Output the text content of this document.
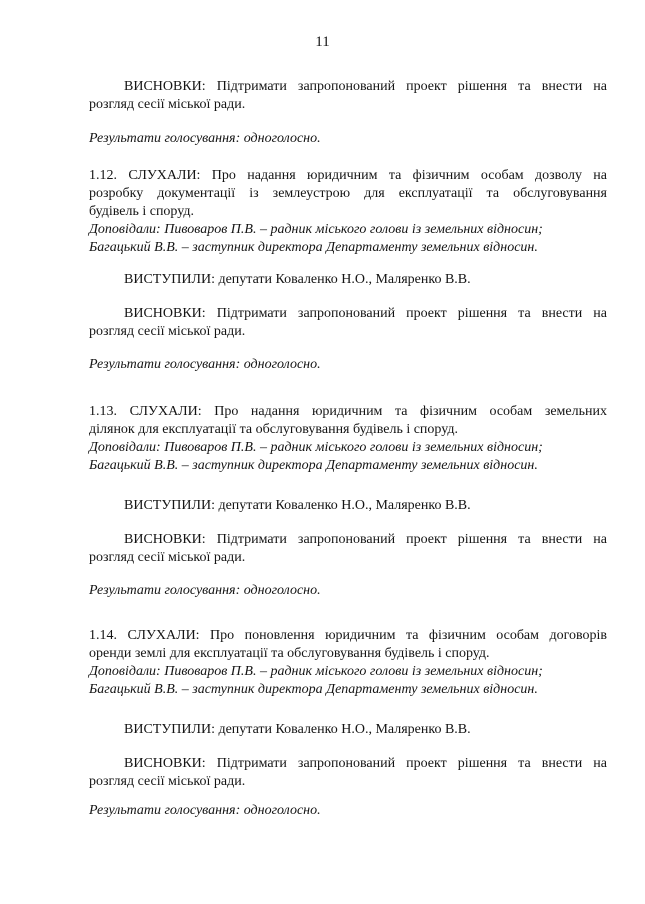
11
ВИСНОВКИ: Підтримати запропонований проект рішення та внести на
розгляд сесії міської ради.
Результати голосування: одноголосно.
1.12. СЛУХАЛИ: Про надання юридичним та фізичним особам дозволу на
розробку документації із землеустрою для експлуатації та обслуговування
будівель і споруд.
Доповідали: Пивоваров П.В. – радник міського голови із земельних відносин;
Багацький В.В. – заступник директора Департаменту земельних відносин.
ВИСТУПИЛИ: депутати Коваленко Н.О., Маляренко В.В.
ВИСНОВКИ: Підтримати запропонований проект рішення та внести на
розгляд сесії міської ради.
Результати голосування: одноголосно.
1.13. СЛУХАЛИ: Про надання юридичним та фізичним особам земельних
ділянок для експлуатації та обслуговування будівель і споруд.
Доповідали: Пивоваров П.В. – радник міського голови із земельних відносин;
Багацький В.В. – заступник директора Департаменту земельних відносин.
ВИСТУПИЛИ: депутати Коваленко Н.О., Маляренко В.В.
ВИСНОВКИ: Підтримати запропонований проект рішення та внести на
розгляд сесії міської ради.
Результати голосування: одноголосно.
1.14. СЛУХАЛИ: Про поновлення юридичним та фізичним особам договорів
оренди землі для експлуатації та обслуговування будівель і споруд.
Доповідали: Пивоваров П.В. – радник міського голови із земельних відносин;
Багацький В.В. – заступник директора Департаменту земельних відносин.
ВИСТУПИЛИ: депутати Коваленко Н.О., Маляренко В.В.
ВИСНОВКИ: Підтримати запропонований проект рішення та внести на
розгляд сесії міської ради.
Результати голосування: одноголосно.
